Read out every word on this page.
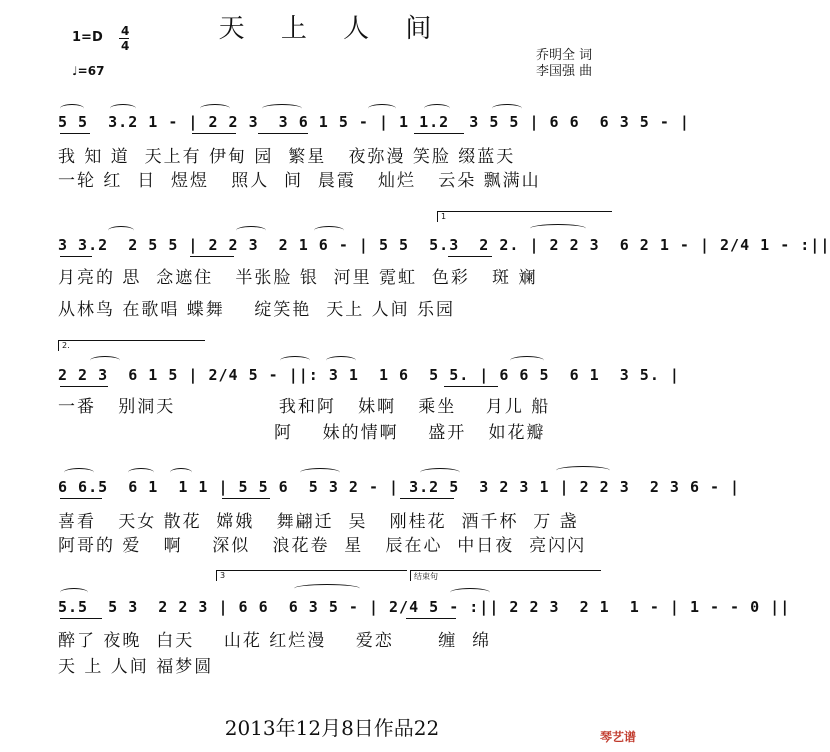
天 上 人 间
1=D 4
4
♩=67
乔明全 词
李国强 曲
5 5  3.2 1 - | 2 2 3  3 6 1 5 - | 1 1.2  3 5 5 | 6 6  6 3 5 - |
我 知 道  天上有 伊甸 园  繁星   夜弥漫 笑脸 缀蓝天
一轮 红  日  煜煜   照人  间  晨霞   灿烂   云朵 飘满山
3 3.2  2 5 5 | 2 2 3  2 1 6 - | 5 5  5.3  2 2. | 2 2 3  6 2 1 - | 2/4 1 - :||
月亮的 思  念遮住   半张脸 银  河里 霓虹  色彩   斑 斓
从林鸟 在歌唱 蝶舞    绽笑艳  天上 人间 乐园
2 2 3  6 1 5 | 2/4 5 - ||: 3 1  1 6  5 5. | 6 6 5  6 1  3 5. |
一番   别洞天              我和阿   妹啊   乘坐    月儿 船
阿    妹的情啊    盛开   如花瓣
6 6.5  6 1  1 1 | 5 5 6  5 3 2 - | 3.2 5  3 2 3 1 | 2 2 3  2 3 6 - |
喜看   天女 散花  嫦娥   舞翩迁  吴   刚桂花  酒千杯  万 盏
阿哥的 爱   啊    深似   浪花卷  星   辰在心  中日夜  亮闪闪
5.5  5 3  2 2 3 | 6 6  6 3 5 - | 2/4 5 - :|| 2 2 3  2 1  1 - | 1 - - 0 ||
醉了 夜晚  白天    山花 红烂漫    爱恋      缠  绵
天 上 人间 福梦圆
1
2.
3	结束句
2013年12月8日作品22	琴艺谱
